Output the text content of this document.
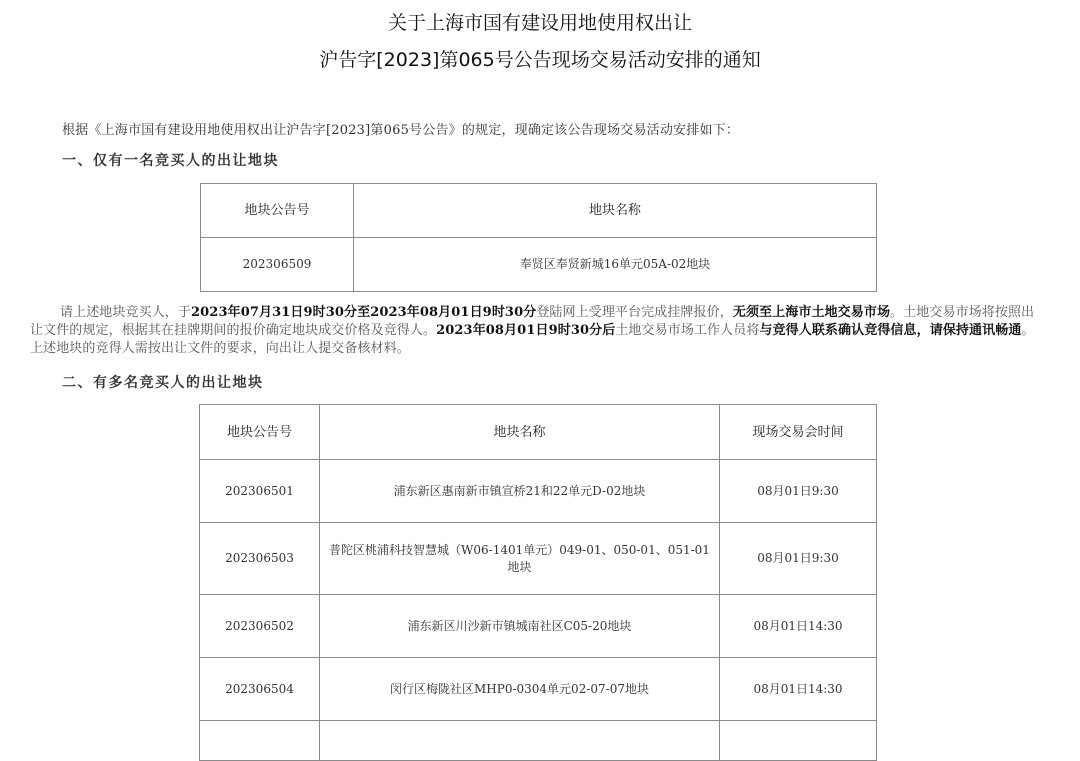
关于上海市国有建设用地使用权出让
沪告字[2023]第065号公告现场交易活动安排的通知
根据《上海市国有建设用地使用权出让沪告字[2023]第065号公告》的规定，现确定该公告现场交易活动安排如下：
一、仅有一名竞买人的出让地块
地块公告号	地块名称
202306509	奉贤区奉贤新城16单元05A-02地块
请上述地块竞买人，于2023年07月31日9时30分至2023年08月01日9时30分登陆网上受理平台完成挂牌报价，无须至上海市土地交易市场。土地交易市场将按照出让文件的规定，根据其在挂牌期间的报价确定地块成交价格及竞得人。2023年08月01日9时30分后土地交易市场工作人员将与竞得人联系确认竞得信息，请保持通讯畅通。上述地块的竞得人需按出让文件的要求，向出让人提交备核材料。
二、有多名竞买人的出让地块
地块公告号	地块名称	现场交易会时间
202306501	浦东新区惠南新市镇宣桥21和22单元D-02地块	08月01日9:30
202306503	普陀区桃浦科技智慧城（W06-1401单元）049-01、050-01、051-01地块	08月01日9:30
202306502	浦东新区川沙新市镇城南社区C05-20地块	08月01日14:30
202306504	闵行区梅陇社区MHP0-0304单元02-07-07地块	08月01日14:30
